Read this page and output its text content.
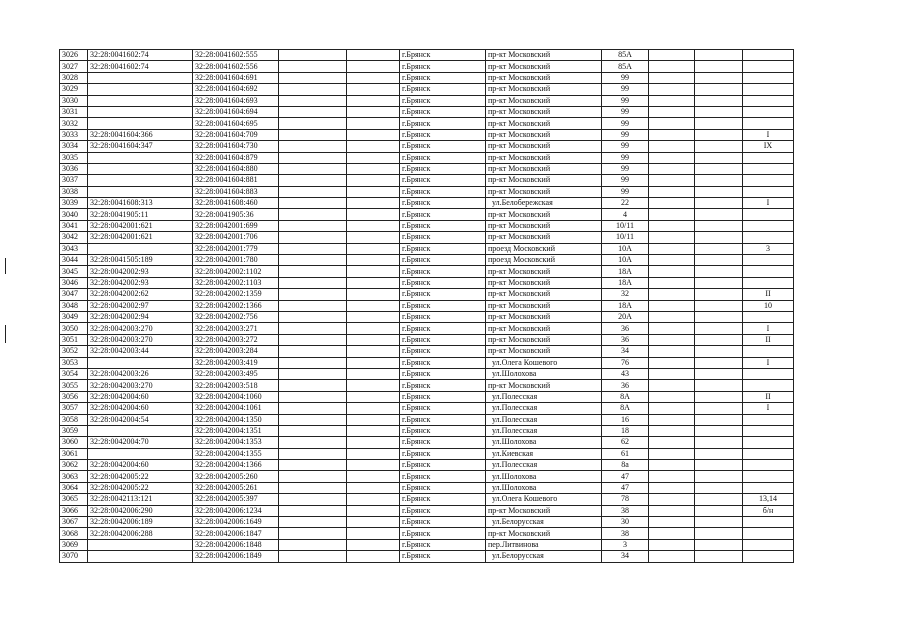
3026	32:28:0041602:74	32:28:0041602:555			г.Брянск	пр-кт Московский	85А			
3027	32:28:0041602:74	32:28:0041602:556			г.Брянск	пр-кт Московский	85А			
3028		32:28:0041604:691			г.Брянск	пр-кт Московский	99			
3029		32:28:0041604:692			г.Брянск	пр-кт Московский	99			
3030		32:28:0041604:693			г.Брянск	пр-кт Московский	99			
3031		32:28:0041604:694			г.Брянск	пр-кт Московский	99			
3032		32:28:0041604:695			г.Брянск	пр-кт Московский	99			
3033	32:28:0041604:366	32:28:0041604:709			г.Брянск	пр-кт Московский	99			I
3034	32:28:0041604:347	32:28:0041604:730			г.Брянск	пр-кт Московский	99			IX
3035		32:28:0041604:879			г.Брянск	пр-кт Московский	99			
3036		32:28:0041604:880			г.Брянск	пр-кт Московский	99			
3037		32:28:0041604:881			г.Брянск	пр-кт Московский	99			
3038		32:28:0041604:883			г.Брянск	пр-кт Московский	99			
3039	32:28:0041608:313	32:28:0041608:460			г.Брянск	ул.Белобережская	22			I
3040	32:28:0041905:11	32:28:0041905:36			г.Брянск	пр-кт Московский	4			
3041	32:28:0042001:621	32:28:0042001:699			г.Брянск	пр-кт Московский	10/11			
3042	32:28:0042001:621	32:28:0042001:706			г.Брянск	пр-кт Московский	10/11			
3043		32:28:0042001:779			г.Брянск	проезд Московский	10А			3
3044	32:28:0041505:189	32:28:0042001:780			г.Брянск	проезд Московский	10А			
3045	32:28:0042002:93	32:28:0042002:1102			г.Брянск	пр-кт Московский	18А			
3046	32:28:0042002:93	32:28:0042002:1103			г.Брянск	пр-кт Московский	18А			
3047	32:28:0042002:62	32:28:0042002:1359			г.Брянск	пр-кт Московский	32			II
3048	32:28:0042002:97	32:28:0042002:1366			г.Брянск	пр-кт Московский	18А			10
3049	32:28:0042002:94	32:28:0042002:756			г.Брянск	пр-кт Московский	20А			
3050	32:28:0042003:270	32:28:0042003:271			г.Брянск	пр-кт Московский	36			I
3051	32:28:0042003:270	32:28:0042003:272			г.Брянск	пр-кт Московский	36			II
3052	32:28:0042003:44	32:28:0042003:284			г.Брянск	пр-кт Московский	34			
3053		32:28:0042003:419			г.Брянск	ул.Олега Кошевого	76			I
3054	32:28:0042003:26	32:28:0042003:495			г.Брянск	ул.Шолохова	43			
3055	32:28:0042003:270	32:28:0042003:518			г.Брянск	пр-кт Московский	36			
3056	32:28:0042004:60	32:28:0042004:1060			г.Брянск	ул.Полесская	8А			II
3057	32:28:0042004:60	32:28:0042004:1061			г.Брянск	ул.Полесская	8А			I
3058	32:28:0042004:54	32:28:0042004:1350			г.Брянск	ул.Полесская	16			
3059		32:28:0042004:1351			г.Брянск	ул.Полесская	18			
3060	32:28:0042004:70	32:28:0042004:1353			г.Брянск	ул.Шолохова	62			
3061		32:28:0042004:1355			г.Брянск	ул.Киевская	61			
3062	32:28:0042004:60	32:28:0042004:1366			г.Брянск	ул.Полесская	8а			
3063	32:28:0042005:22	32:28:0042005:260			г.Брянск	ул.Шолохова	47			
3064	32:28:0042005:22	32:28:0042005:261			г.Брянск	ул.Шолохова	47			
3065	32:28:0042113:121	32:28:0042005:397			г.Брянск	ул.Олега Кошевого	78			13,14
3066	32:28:0042006:290	32:28:0042006:1234			г.Брянск	пр-кт Московский	38			б/н
3067	32:28:0042006:189	32:28:0042006:1649			г.Брянск	ул.Белорусская	30			
3068	32:28:0042006:288	32:28:0042006:1847			г.Брянск	пр-кт Московский	38			
3069		32:28:0042006:1848			г.Брянск	пер.Литвинова	3			
3070		32:28:0042006:1849			г.Брянск	ул.Белорусская	34			
